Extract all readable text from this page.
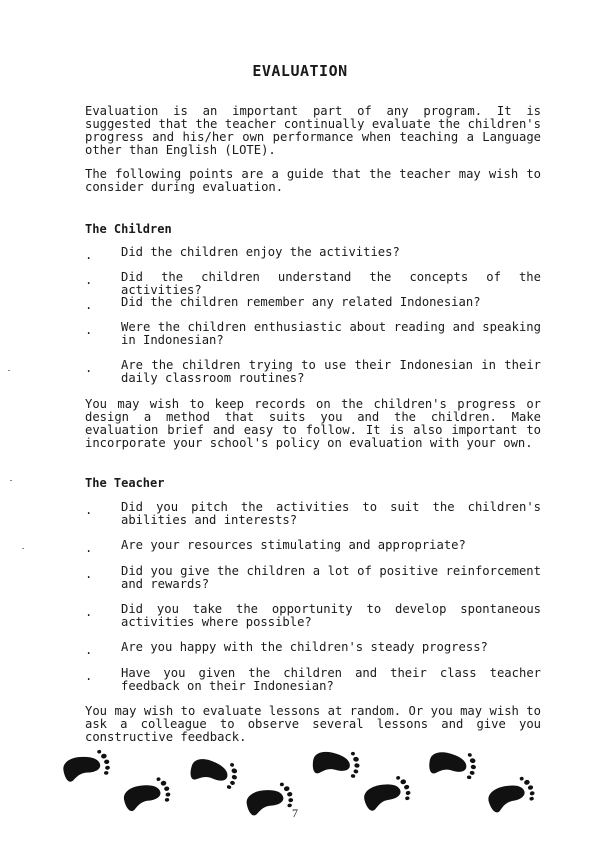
EVALUATION
Evaluation is an important part of any program. It is suggested that the teacher continually evaluate the children's progress and his/her own performance when teaching a Language other than English (LOTE).
The following points are a guide that the teacher may wish to consider during evaluation.
The Children
. Did the children enjoy the activities?
. Did the children understand the concepts of the activities?
. Did the children remember any related Indonesian?
. Were the children enthusiastic about reading and speaking in Indonesian?
. Are the children trying to use their Indonesian in their daily classroom routines?
You may wish to keep records on the children's progress or design a method that suits you and the children. Make evaluation brief and easy to follow. It is also important to incorporate your school's policy on evaluation with your own.
The Teacher
. Did you pitch the activities to suit the children's abilities and interests?
. Are your resources stimulating and appropriate?
. Did you give the children a lot of positive reinforcement and rewards?
. Did you take the opportunity to develop spontaneous activities where possible?
. Are you happy with the children's steady progress?
. Have you given the children and their class teacher feedback on their Indonesian?
You may wish to evaluate lessons at random. Or you may wish to ask a colleague to observe several lessons and give you constructive feedback.
7
